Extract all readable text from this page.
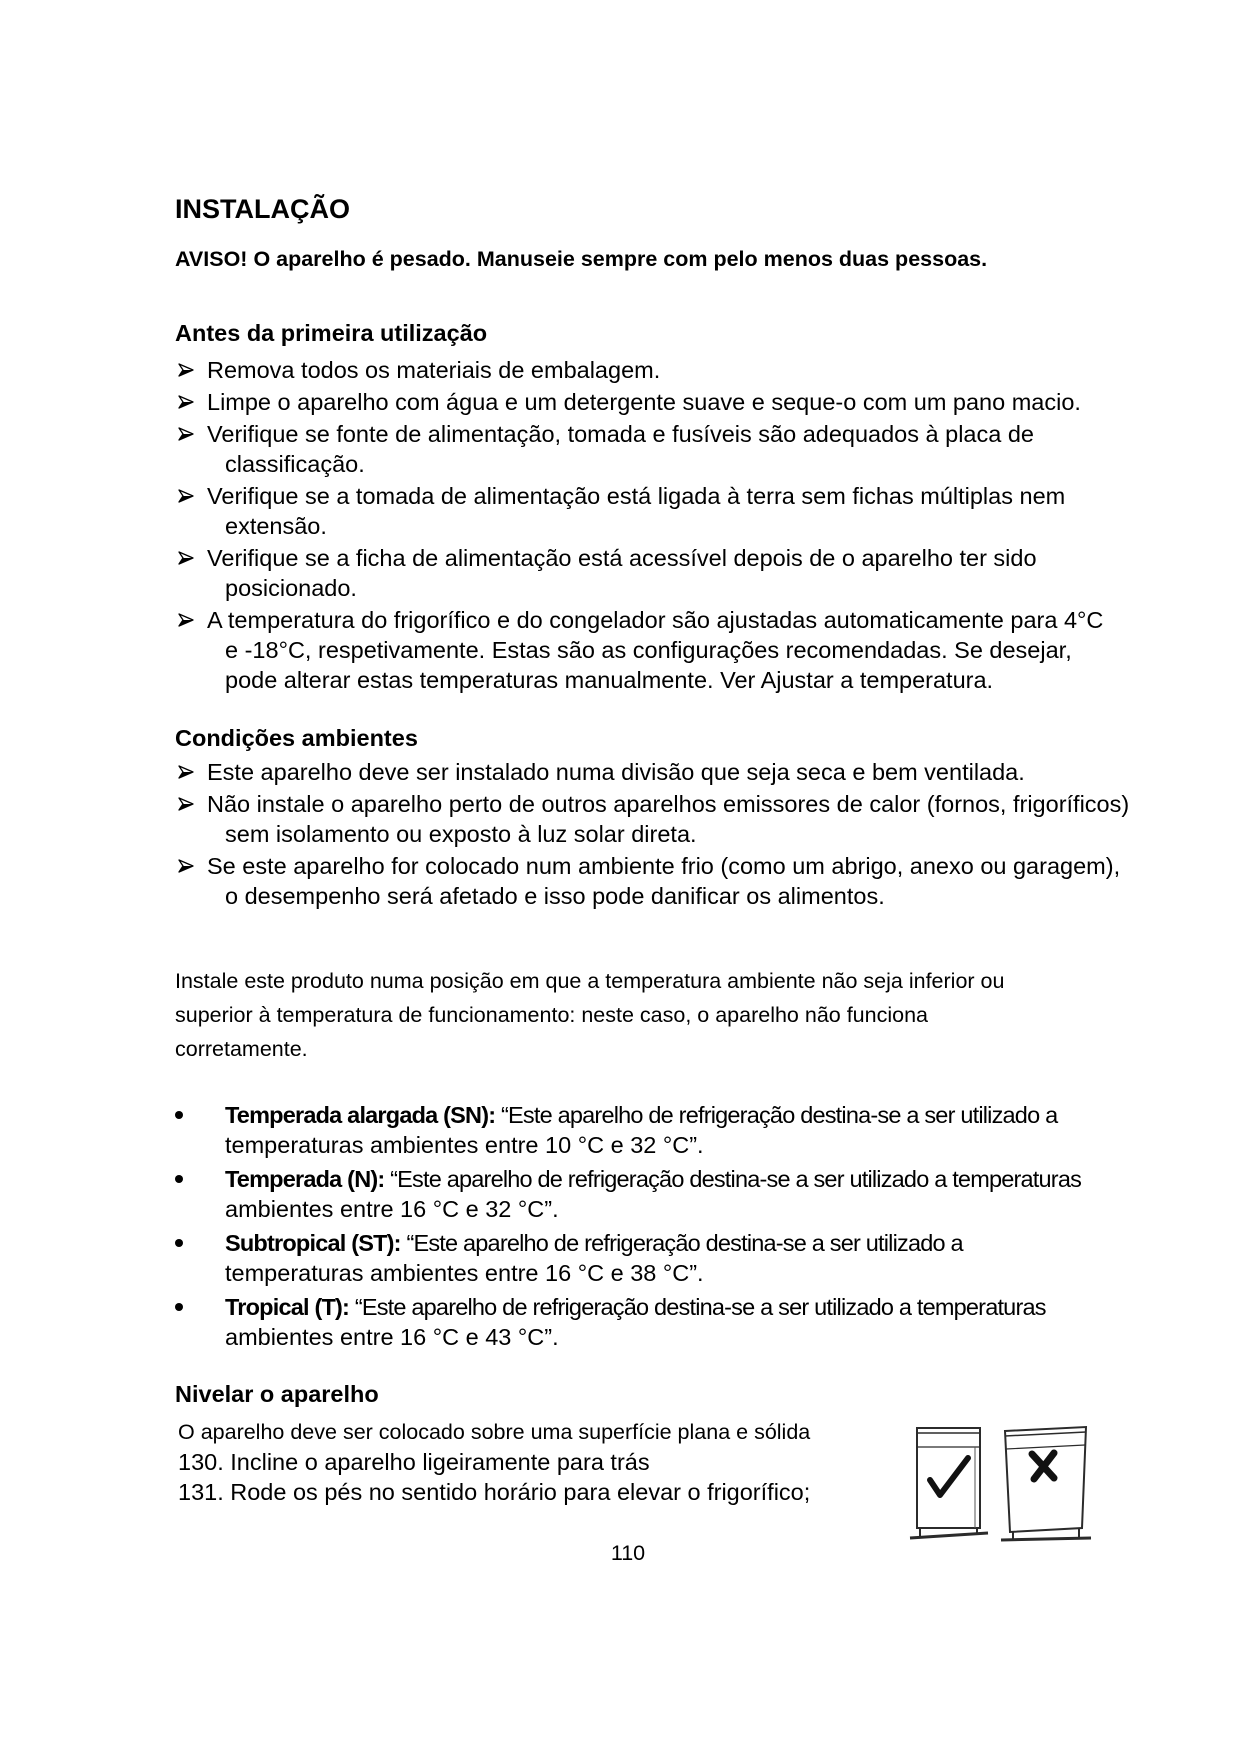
INSTALAÇÃO
AVISO! O aparelho é pesado. Manuseie sempre com pelo menos duas pessoas.
Antes da primeira utilização
Remova todos os materiais de embalagem.
Limpe o aparelho com água e um detergente suave e seque-o com um pano macio.
Verifique se fonte de alimentação, tomada e fusíveis são adequados à placa de
classificação.
Verifique se a tomada de alimentação está ligada à terra sem fichas múltiplas nem
extensão.
Verifique se a ficha de alimentação está acessível depois de o aparelho ter sido
posicionado.
A temperatura do frigorífico e do congelador são ajustadas automaticamente para 4°C
e -18°C, respetivamente. Estas são as configurações recomendadas. Se desejar,
pode alterar estas temperaturas manualmente. Ver Ajustar a temperatura.
Condições ambientes
Este aparelho deve ser instalado numa divisão que seja seca e bem ventilada.
Não instale o aparelho perto de outros aparelhos emissores de calor (fornos, frigoríficos)
sem isolamento ou exposto à luz solar direta.
Se este aparelho for colocado num ambiente frio (como um abrigo, anexo ou garagem),
o desempenho será afetado e isso pode danificar os alimentos.
Instale este produto numa posição em que a temperatura ambiente não seja inferior ou
superior à temperatura de funcionamento: neste caso, o aparelho não funciona
corretamente.
Temperada alargada (SN): “Este aparelho de refrigeração destina-se a ser utilizado a
temperaturas ambientes entre 10 °C e 32 °C”.
Temperada (N): “Este aparelho de refrigeração destina-se a ser utilizado a temperaturas
ambientes entre 16 °C e 32 °C”.
Subtropical (ST): “Este aparelho de refrigeração destina-se a ser utilizado a
temperaturas ambientes entre 16 °C e 38 °C”.
Tropical (T): “Este aparelho de refrigeração destina-se a ser utilizado a temperaturas
ambientes entre 16 °C e 43 °C”.
Nivelar o aparelho
O aparelho deve ser colocado sobre uma superfície plana e sólida
130. Incline o aparelho ligeiramente para trás
131. Rode os pés no sentido horário para elevar o frigorífico;
110
